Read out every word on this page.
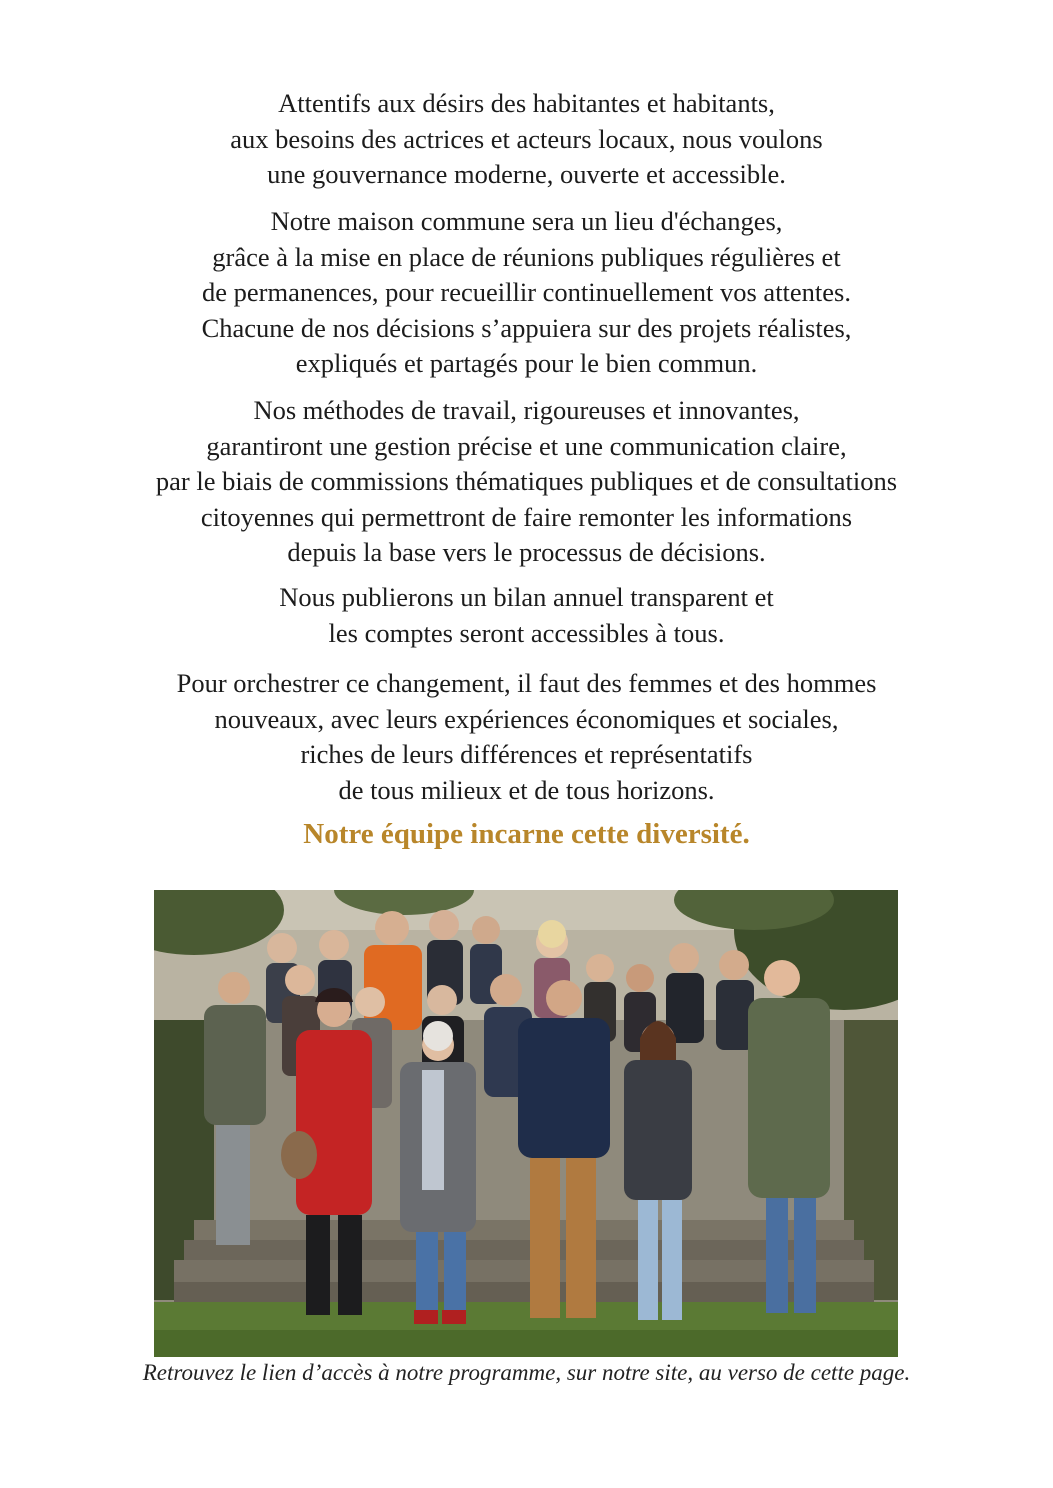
Attentifs aux désirs des habitantes et habitants,
aux besoins des actrices et acteurs locaux, nous voulons
une gouvernance moderne, ouverte et accessible.

Notre maison commune sera un lieu d'échanges,
grâce à la mise en place de réunions publiques régulières et
de permanences, pour recueillir continuellement vos attentes.
Chacune de nos décisions s’appuiera sur des projets réalistes,
expliqués et partagés pour le bien commun.

Nos méthodes de travail, rigoureuses et innovantes,
garantiront une gestion précise et une communication claire,
par le biais de commissions thématiques publiques et de consultations
citoyennes qui permettront de faire remonter les informations
depuis la base vers le processus de décisions.

Nous publierons un bilan annuel transparent et
les comptes seront accessibles à tous.

Pour orchestrer ce changement, il faut des femmes et des hommes
nouveaux, avec leurs expériences économiques et sociales,
riches de leurs différences et représentatifs
de tous milieux et de tous horizons.

Notre équipe incarne cette diversité.
Retrouvez le lien d’accès à notre programme, sur notre site, au verso de cette page.
